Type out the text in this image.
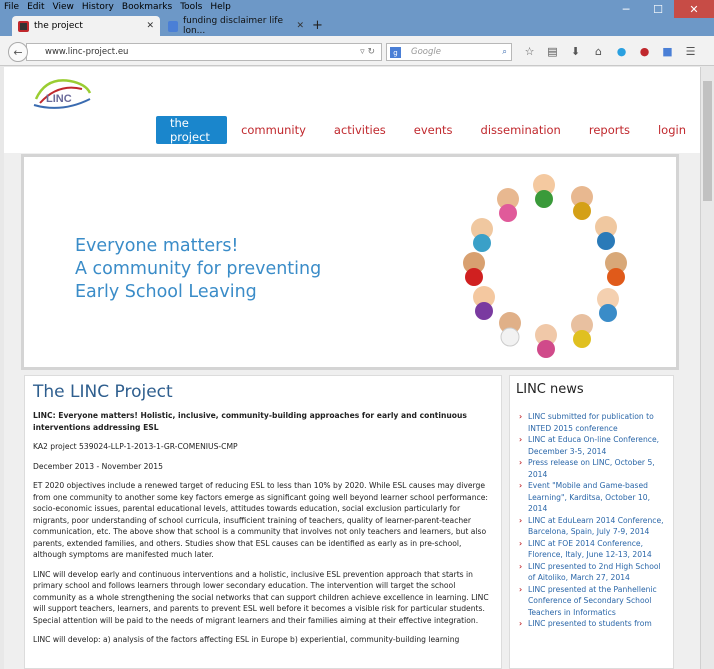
File Edit View History Bookmarks Tools Help	─	☐	✕
the project	✕	funding disclaimer life lon...	✕ +
www.linc-project.eu	▿ ↻
←	g	Google	⌕	☆	▤	⬇	⌂	●	●	■	☰
LINC
the project	community	activities	events	dissemination	reports	login
Everyone matters!
A community for preventing
Early School Leaving
The LINC Project

LINC: Everyone matters! Holistic, inclusive, community-building approaches for early and continuous interventions addressing ESL

KA2 project 539024-LLP-1-2013-1-GR-COMENIUS-CMP

December 2013 - November 2015

ET 2020 objectives include a renewed target of reducing ESL to less than 10% by 2020. While ESL causes may diverge from one community to another some key factors emerge as significant going well beyond learner school performance: socio-economic issues, parental educational levels, attitudes towards education, social exclusion particularly for migrants, poor understanding of school curricula, insufficient training of teachers, quality of learner-parent-teacher communication, etc. The above show that school is a community that involves not only teachers and learners, but also parents, extended families, and others. Studies show that ESL causes can be identified as early as in pre-school, although symptoms are manifested much later.

LINC will develop early and continuous interventions and a holistic, inclusive ESL prevention approach that starts in primary school and follows learners through lower secondary education. The intervention will target the school community as a whole strengthening the social networks that can support children achieve excellence in learning. LINC will support teachers, learners, and parents to prevent ESL well before it becomes a visible risk for particular students. Special attention will be paid to the needs of migrant learners and their families aiming at their effective integration.

LINC will develop: a) analysis of the factors affecting ESL in Europe b) experiential, community-building learning

LINC news
› LINC submitted for publication to INTED 2015 conference
› LINC at Educa On-line Conference, December 3-5, 2014
› Press release on LINC, October 5, 2014
› Event "Mobile and Game-based Learning", Karditsa, October 10, 2014
› LINC at EduLearn 2014 Conference, Barcelona, Spain, July 7-9, 2014
› LINC at FOE 2014 Conference, Florence, Italy, June 12-13, 2014
› LINC presented to 2nd High School of Aitoliko, March 27, 2014
› LINC presented at the Panhellenic Conference of Secondary School Teachers in Informatics
› LINC presented to students from
